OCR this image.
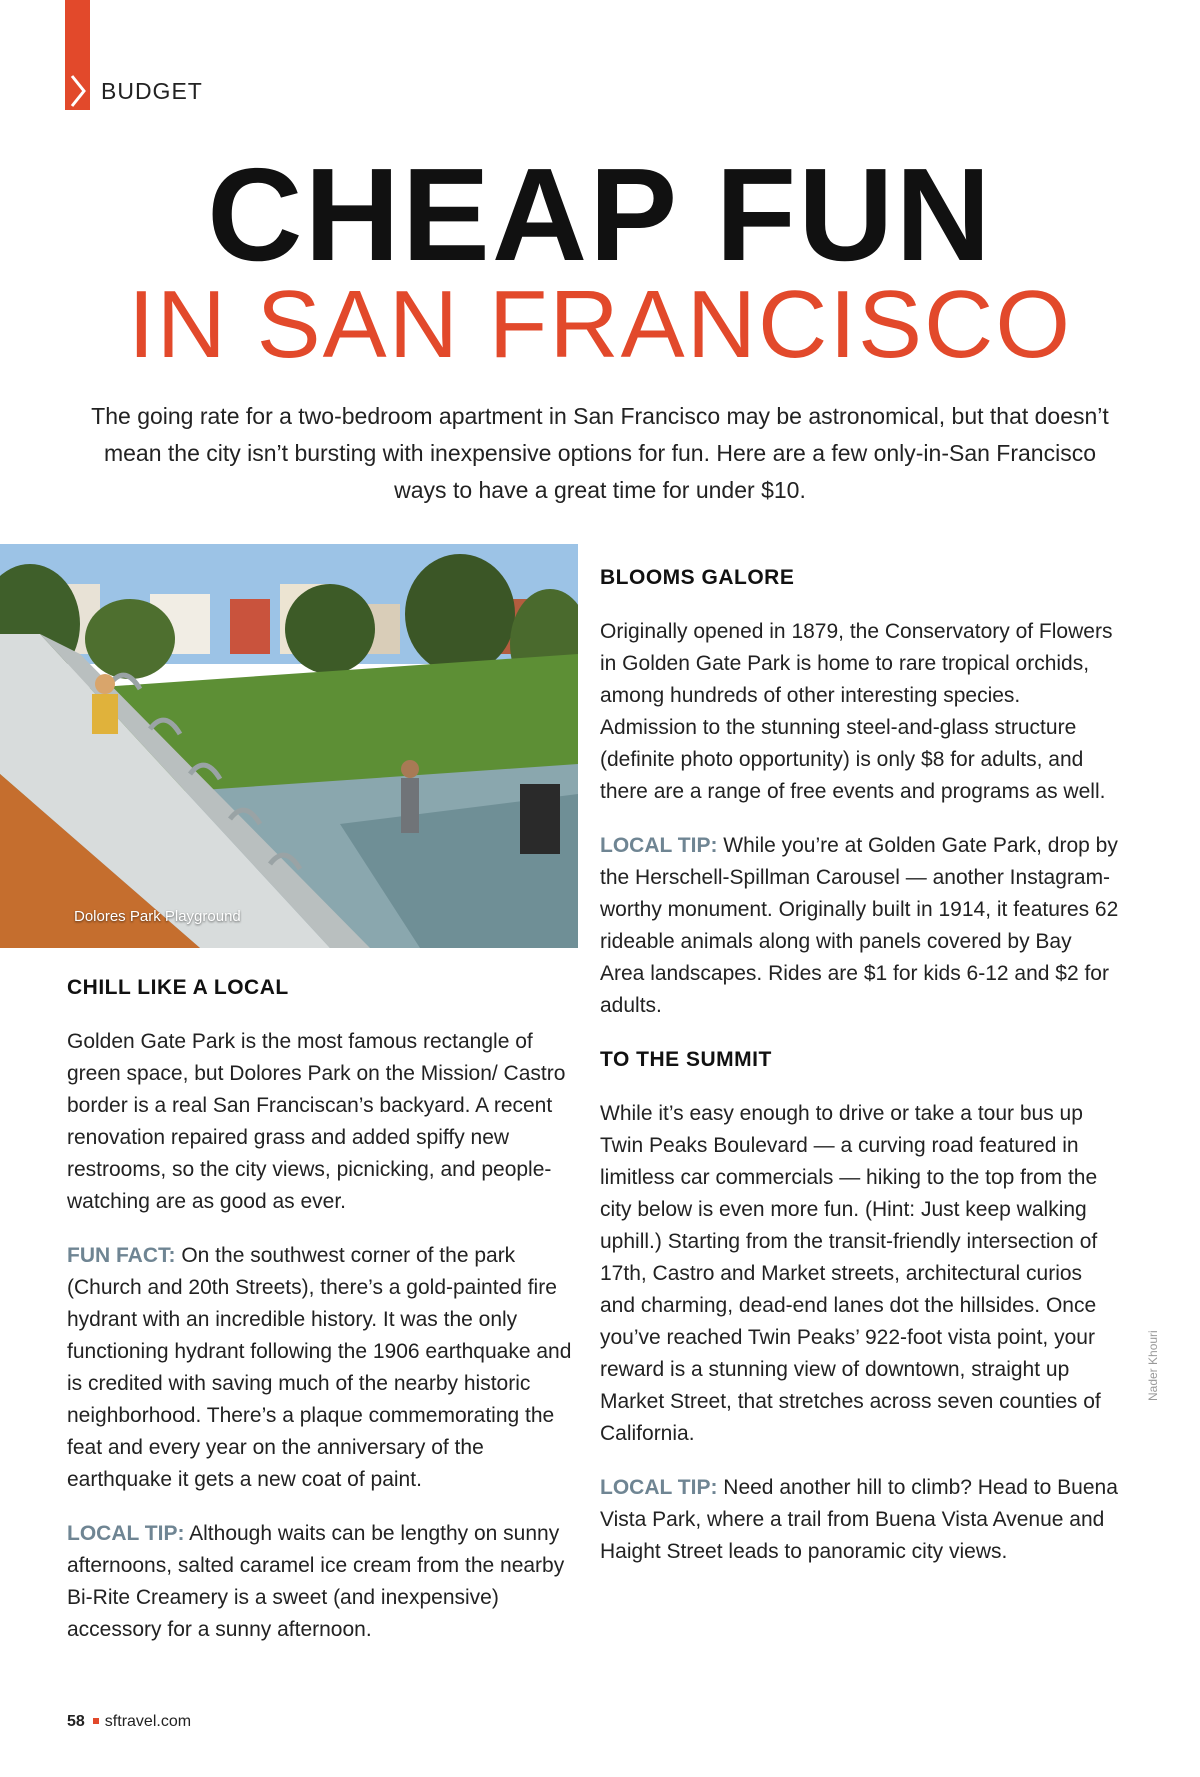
BUDGET
CHEAP FUN
IN SAN FRANCISCO
The going rate for a two-bedroom apartment in San Francisco may be astronomical, but that doesn’t mean the city isn’t bursting with inexpensive options for fun. Here are a few only-in-San Francisco ways to have a great time for under $10.
Dolores Park Playground
CHILL LIKE A LOCAL

Golden Gate Park is the most famous rectangle of green space, but Dolores Park on the Mission/ Castro border is a real San Franciscan’s backyard. A recent renovation repaired grass and added spiffy new restrooms, so the city views, picnicking, and people-watching are as good as ever.

FUN FACT: On the southwest corner of the park (Church and 20th Streets), there’s a gold-painted fire hydrant with an incredible history. It was the only functioning hydrant following the 1906 earthquake and is credited with saving much of the nearby historic neighborhood. There’s a plaque commemorating the feat and every year on the anniversary of the earthquake it gets a new coat of paint.

LOCAL TIP: Although waits can be lengthy on sunny afternoons, salted caramel ice cream from the nearby Bi-Rite Creamery is a sweet (and inexpensive) accessory for a sunny afternoon.

BLOOMS GALORE

Originally opened in 1879, the Conservatory of Flowers in Golden Gate Park is home to rare tropical orchids, among hundreds of other interesting species. Admission to the stunning steel-and-glass structure (definite photo opportunity) is only $8 for adults, and there are a range of free events and programs as well.

LOCAL TIP: While you’re at Golden Gate Park, drop by the Herschell-Spillman Carousel — another Instagram-worthy monument. Originally built in 1914, it features 62 rideable animals along with panels covered by Bay Area landscapes. Rides are $1 for kids 6-12 and $2 for adults.

TO THE SUMMIT

While it’s easy enough to drive or take a tour bus up Twin Peaks Boulevard — a curving road featured in limitless car commercials — hiking to the top from the city below is even more fun. (Hint: Just keep walking uphill.) Starting from the transit-friendly intersection of 17th, Castro and Market streets, architectural curios and charming, dead-end lanes dot the hillsides. Once you’ve reached Twin Peaks’ 922-foot vista point, your reward is a stunning view of downtown, straight up Market Street, that stretches across seven counties of California.

LOCAL TIP: Need another hill to climb? Head to Buena Vista Park, where a trail from Buena Vista Avenue and Haight Street leads to panoramic city views.

Nader Khouri
58 sftravel.com
